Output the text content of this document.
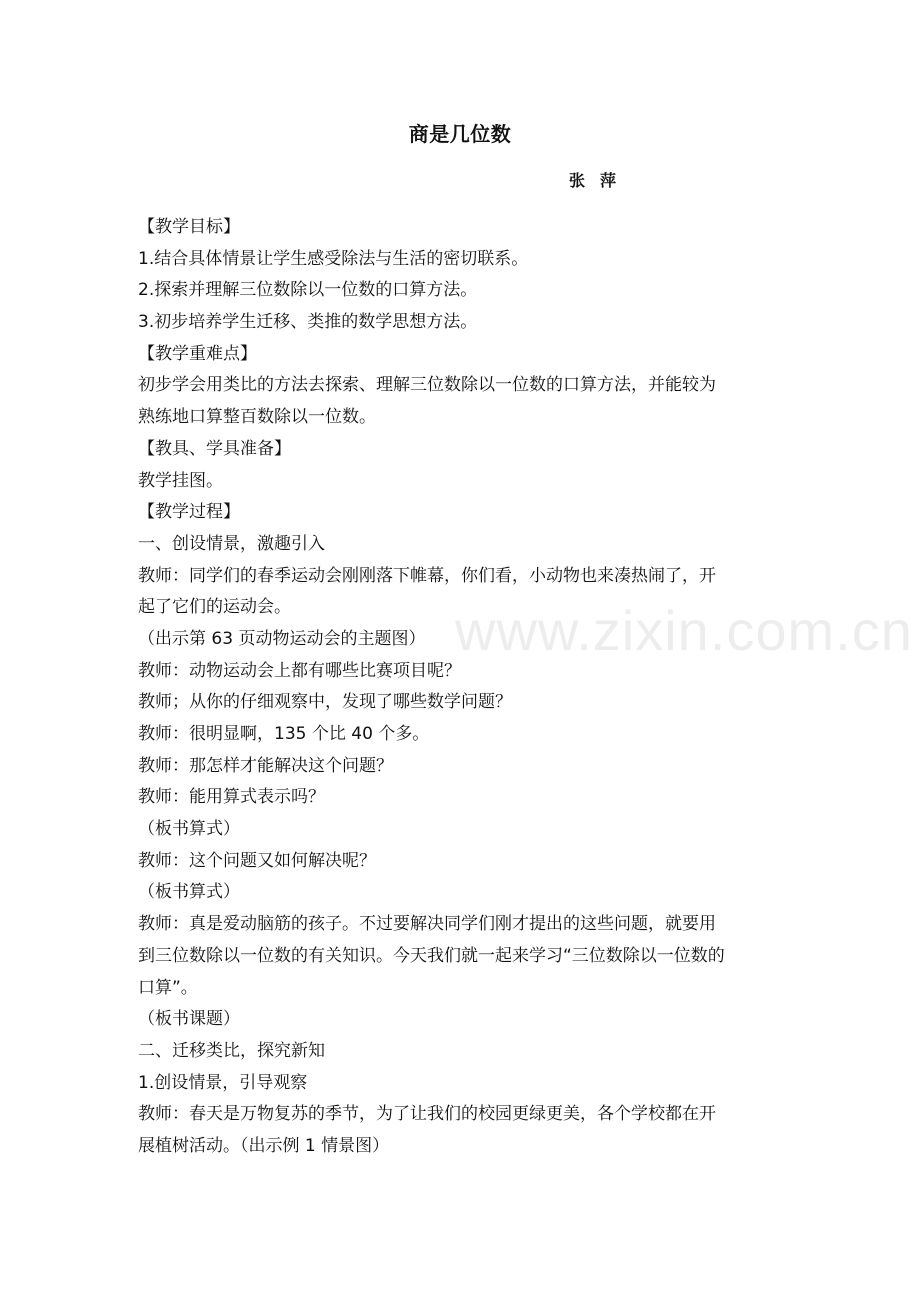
商是几位数
张 萍
【教学目标】
1.结合具体情景让学生感受除法与生活的密切联系。
2.探索并理解三位数除以一位数的口算方法。
3.初步培养学生迁移、类推的数学思想方法。
【教学重难点】
初步学会用类比的方法去探索、理解三位数除以一位数的口算方法，并能较为
熟练地口算整百数除以一位数。
【教具、学具准备】
教学挂图。
【教学过程】
一、创设情景，激趣引入
教师：同学们的春季运动会刚刚落下帷幕，你们看，小动物也来凑热闹了，开
起了它们的运动会。
（出示第 63 页动物运动会的主题图）
教师：动物运动会上都有哪些比赛项目呢？
教师；从你的仔细观察中，发现了哪些数学问题？
教师：很明显啊，135 个比 40 个多。
教师：那怎样才能解决这个问题？
教师：能用算式表示吗？
（板书算式）
教师：这个问题又如何解决呢？
（板书算式）
教师：真是爱动脑筋的孩子。不过要解决同学们刚才提出的这些问题，就要用
到三位数除以一位数的有关知识。今天我们就一起来学习“三位数除以一位数的
口算”。
（板书课题）
二、迁移类比，探究新知
1.创设情景，引导观察
教师：春天是万物复苏的季节，为了让我们的校园更绿更美，各个学校都在开
展植树活动。（出示例 1 情景图）
www.zixin.com.cn
